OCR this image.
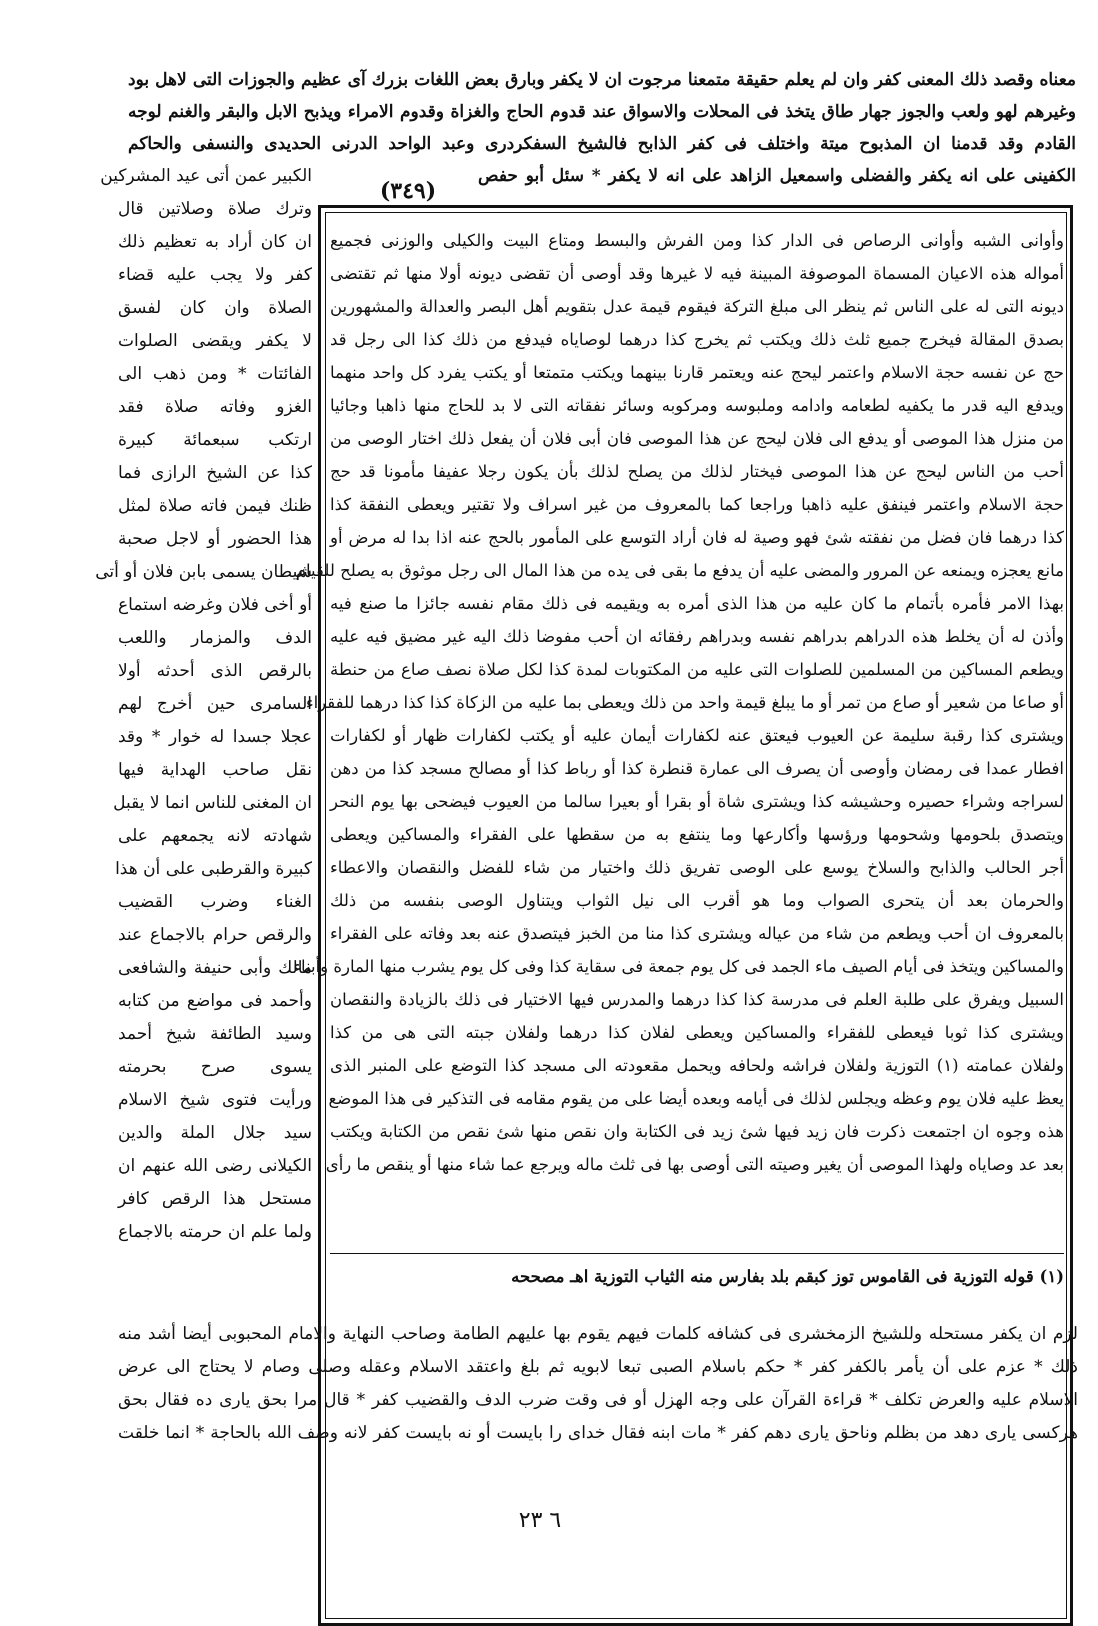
معناه وقصد ذلك المعنى كفر وان لم يعلم حقيقة متمعنا مرجوت ان لا يكفر وبارق بعض اللغات بزرك آى عظيم والجوزات التى لاهل بود
وغيرهم لهو ولعب والجوز جهار طاق يتخذ فى المحلات والاسواق عند قدوم الحاج والغزاة وقدوم الامراء ويذبح الابل والبقر والغنم لوجه
القادم وقد قدمنا ان المذبوح ميتة واختلف فى كفر الذابح فالشيخ السفكردرى وعبد الواحد الدرنى الحديدى والنسفى والحاكم
الكفينى على انه يكفر والفضلى واسمعيل الزاهد على انه لا يكفر * سئل أبو حفص
(٣٤٩)
وأوانى الشبه وأوانى الرصاص فى الدار كذا ومن الفرش والبسط ومتاع البيت والكيلى والوزنى فجميع
أمواله هذه الاعيان المسماة الموصوفة المبينة فيه لا غيرها وقد أوصى أن تقضى ديونه أولا منها ثم تقتضى
ديونه التى له على الناس ثم ينظر الى مبلغ التركة فيقوم قيمة عدل بتقويم أهل البصر والعدالة والمشهورين
بصدق المقالة فيخرج جميع ثلث ذلك ويكتب ثم يخرج كذا درهما لوصاياه فيدفع من ذلك كذا الى رجل قد
حج عن نفسه حجة الاسلام واعتمر ليحج عنه ويعتمر قارنا بينهما ويكتب متمتعا أو يكتب يفرد كل واحد منهما
ويدفع اليه قدر ما يكفيه لطعامه وادامه وملبوسه ومركوبه وسائر نفقاته التى لا بد للحاج منها ذاهبا وجائيا
من منزل هذا الموصى أو يدفع الى فلان ليحج عن هذا الموصى فان أبى فلان أن يفعل ذلك اختار الوصى من
أحب من الناس ليحج عن هذا الموصى فيختار لذلك من يصلح لذلك بأن يكون رجلا عفيفا مأمونا قد حج
حجة الاسلام واعتمر فينفق عليه ذاهبا وراجعا كما بالمعروف من غير اسراف ولا تقتير ويعطى النفقة كذا
كذا درهما فان فضل من نفقته شئ فهو وصية له فان أراد التوسع على المأمور بالحج عنه اذا بدا له مرض أو
مانع يعجزه ويمنعه عن المرور والمضى عليه أن يدفع ما بقى فى يده من هذا المال الى رجل موثوق به يصلح للقيام
بهذا الامر فأمره بأتمام ما كان عليه من هذا الذى أمره به ويقيمه فى ذلك مقام نفسه جائزا ما صنع فيه
وأذن له أن يخلط هذه الدراهم بدراهم نفسه وبدراهم رفقائه ان أحب مفوضا ذلك اليه غير مضيق فيه عليه
ويطعم المساكين من المسلمين للصلوات التى عليه من المكتوبات لمدة كذا لكل صلاة نصف صاع من حنطة
أو صاعا من شعير أو صاع من تمر أو ما يبلغ قيمة واحد من ذلك ويعطى بما عليه من الزكاة كذا كذا درهما للفقراء
ويشترى كذا رقبة سليمة عن العيوب فيعتق عنه لكفارات أيمان عليه أو يكتب لكفارات ظهار أو لكفارات
افطار عمدا فى رمضان وأوصى أن يصرف الى عمارة قنطرة كذا أو رباط كذا أو مصالح مسجد كذا من دهن
لسراجه وشراء حصيره وحشيشه كذا ويشترى شاة أو بقرا أو بعيرا سالما من العيوب فيضحى بها يوم النحر
ويتصدق بلحومها وشحومها ورؤسها وأكارعها وما ينتفع به من سقطها على الفقراء والمساكين ويعطى
أجر الحالب والذابح والسلاخ يوسع على الوصى تفريق ذلك واختيار من شاء للفضل والنقصان والاعطاء
والحرمان بعد أن يتحرى الصواب وما هو أقرب الى نيل الثواب ويتناول الوصى بنفسه من ذلك
بالمعروف ان أحب ويطعم من شاء من عياله ويشترى كذا منا من الخبز فيتصدق عنه بعد وفاته على الفقراء
والمساكين ويتخذ فى أيام الصيف ماء الجمد فى كل يوم جمعة فى سقاية كذا وفى كل يوم يشرب منها المارة وأبناء
السبيل ويفرق على طلبة العلم فى مدرسة كذا كذا درهما والمدرس فيها الاختيار فى ذلك بالزيادة والنقصان
ويشترى كذا ثوبا فيعطى للفقراء والمساكين ويعطى لفلان كذا درهما ولفلان جبته التى هى من كذا
ولفلان عمامته (١) التوزية ولفلان فراشه ولحافه ويحمل مقعودته الى مسجد كذا التوضع على المنبر الذى
يعظ عليه فلان يوم وعظه ويجلس لذلك فى أيامه وبعده أيضا على من يقوم مقامه فى التذكير فى هذا الموضع
هذه وجوه ان اجتمعت ذكرت فان زيد فيها شئ زيد فى الكتابة وان نقص منها شئ نقص من الكتابة ويكتب
بعد عد وصاياه ولهذا الموصى أن يغير وصيته التى أوصى بها فى ثلث ماله ويرجع عما شاء منها أو ينقص ما رأى
(١) قوله التوزية فى القاموس توز كبقم بلد بفارس منه الثياب التوزية اهـ مصححه
الكبير عمن أتى عيد المشركين
وترك صلاة وصلاتين قال
ان كان أراد به تعظيم ذلك
كفر ولا يجب عليه قضاء
الصلاة وان كان لفسق
لا يكفر ويقضى الصلوات
الفائتات * ومن ذهب الى
الغزو وفاته صلاة فقد
ارتكب سبعمائة كبيرة
كذا عن الشيخ الرازى فما
ظنك فيمن فاته صلاة لمثل
هذا الحضور أو لاجل صحبة
شيطان يسمى بابن فلان أو أتى
أو أخى فلان وغرضه استماع
الدف والمزمار واللعب
بالرقص الذى أحدثه أولا
السامرى حين أخرج لهم
عجلا جسدا له خوار * وقد
نقل صاحب الهداية فيها
ان المغنى للناس انما لا يقبل
شهادته لانه يجمعهم على
كبيرة والقرطبى على أن هذا
الغناء وضرب القضيب
والرقص حرام بالاجماع عند
مالك وأبى حنيفة والشافعى
وأحمد فى مواضع من كتابه
وسيد الطائفة شيخ أحمد
يسوى صرح بحرمته
ورأيت فتوى شيخ الاسلام
سيد جلال الملة والدين
الكيلانى رضى الله عنهم ان
مستحل هذا الرقص كافر
ولما علم ان حرمته بالاجماع
لزم ان يكفر مستحله وللشيخ الزمخشرى فى كشافه كلمات فيهم يقوم بها عليهم الطامة وصاحب النهاية والامام المحبوبى أيضا أشد منه
ذلك * عزم على أن يأمر بالكفر كفر * حكم باسلام الصبى تبعا لابويه ثم بلغ واعتقد الاسلام وعقله وصلى وصام لا يحتاج الى عرض
الاسلام عليه والعرض تكلف * قراءة القرآن على وجه الهزل أو فى وقت ضرب الدف والقضيب كفر * قال مرا بحق يارى ده فقال بحق
هركسى يارى دهد من بظلم وناحق يارى دهم كفر * مات ابنه فقال خداى را بايست أو نه بايست كفر لانه وصف الله بالحاجة * انما خلقت
٦ ٢٣
